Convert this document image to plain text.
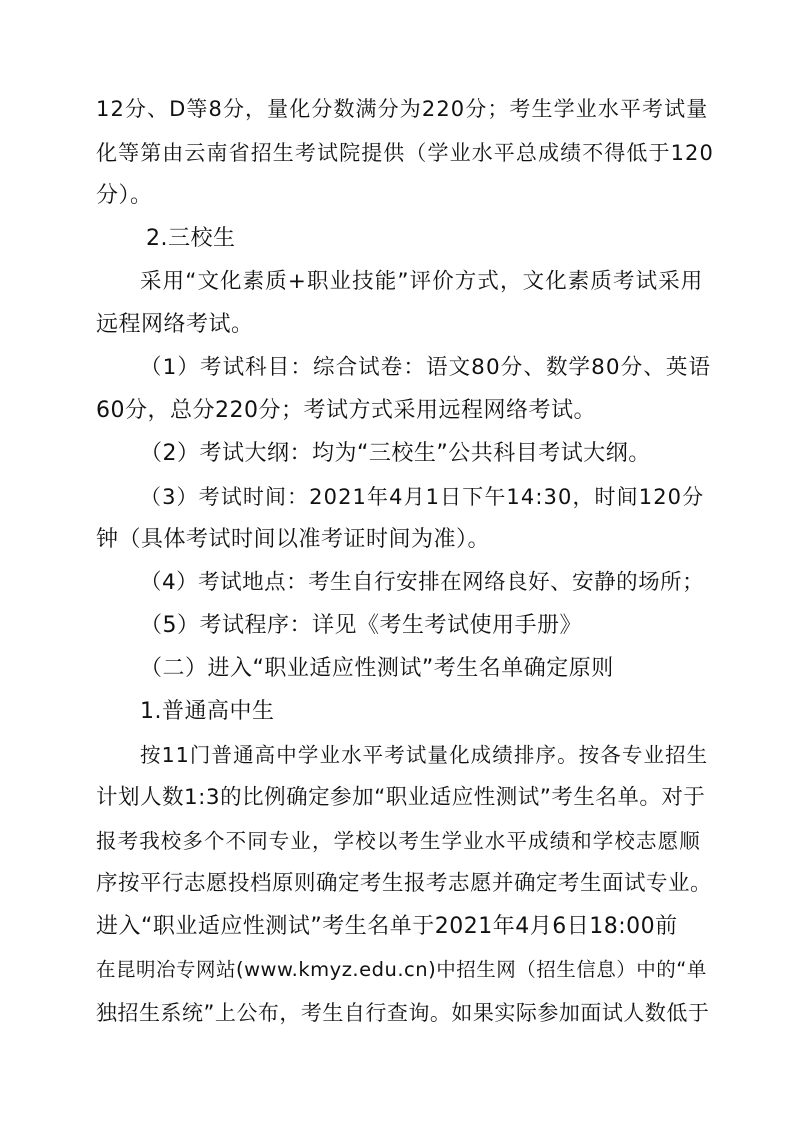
12分、D等8分，量化分数满分为220分；考生学业水平考试量
化等第由云南省招生考试院提供（学业水平总成绩不得低于120
分）。
2.三校生
采用“文化素质+职业技能”评价方式，文化素质考试采用
远程网络考试。
（1）考试科目：综合试卷：语文80分、数学80分、英语
60分，总分220分；考试方式采用远程网络考试。
（2）考试大纲：均为“三校生”公共科目考试大纲。
（3）考试时间：2021年4月1日下午14:30，时间120分
钟（具体考试时间以准考证时间为准）。
（4）考试地点：考生自行安排在网络良好、安静的场所；
（5）考试程序：详见《考生考试使用手册》
（二）进入“职业适应性测试”考生名单确定原则
1.普通高中生
按11门普通高中学业水平考试量化成绩排序。按各专业招生
计划人数1:3的比例确定参加“职业适应性测试”考生名单。对于
报考我校多个不同专业，学校以考生学业水平成绩和学校志愿顺
序按平行志愿投档原则确定考生报考志愿并确定考生面试专业。
进入“职业适应性测试”考生名单于2021年4月6日18:00前
在昆明冶专网站(www.kmyz.edu.cn)中招生网（招生信息）中的“单
独招生系统”上公布，考生自行查询。如果实际参加面试人数低于
